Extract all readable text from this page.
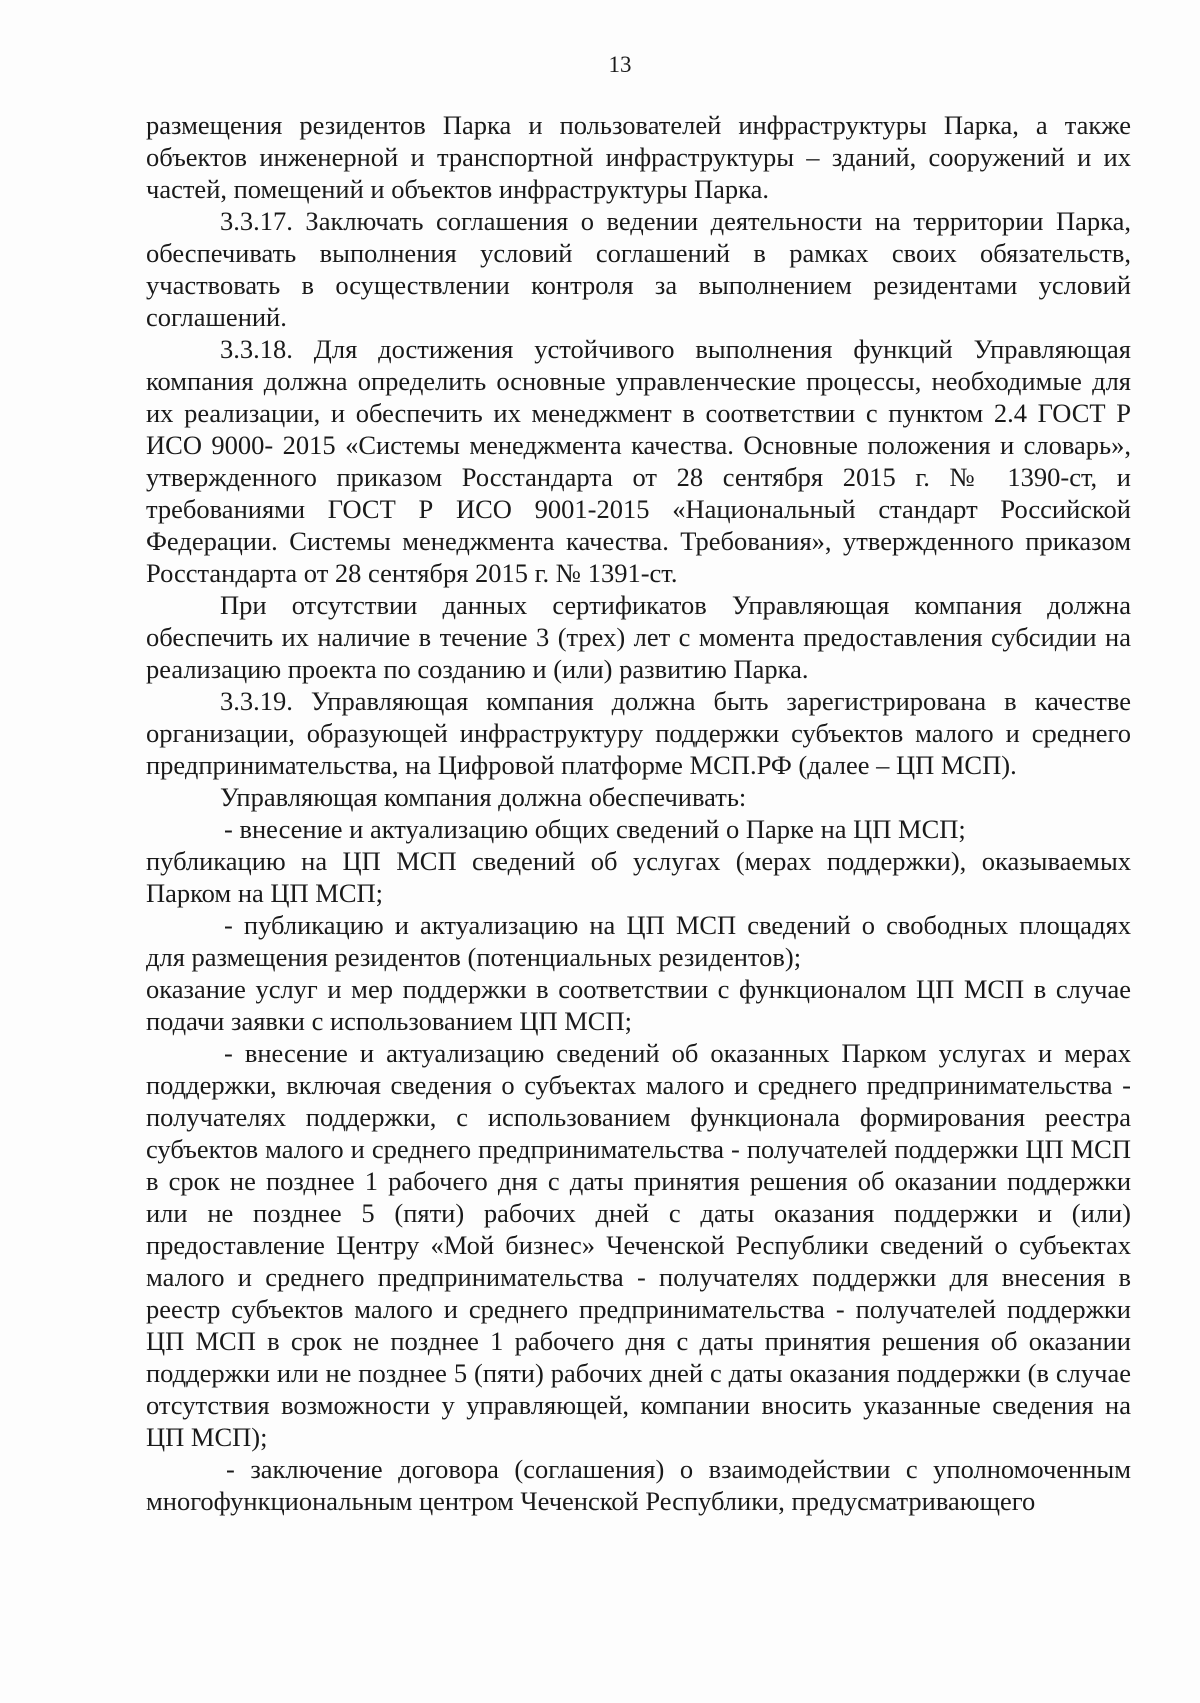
13

размещения резидентов Парка и пользователей инфраструктуры Парка, а также объектов инженерной и транспортной инфраструктуры – зданий, сооружений и их частей, помещений и объектов инфраструктуры Парка.

3.3.17. Заключать соглашения о ведении деятельности на территории Парка, обеспечивать выполнения условий соглашений в рамках своих обязательств, участвовать в осуществлении контроля за выполнением резидентами условий соглашений.

3.3.18. Для достижения устойчивого выполнения функций Управляющая компания должна определить основные управленческие процессы, необходимые для их реализации, и обеспечить их менеджмент в соответствии с пунктом 2.4 ГОСТ Р ИСО 9000- 2015 «Системы менеджмента качества. Основные положения и словарь», утвержденного приказом Росстандарта от 28 сентября 2015 г. № 1390-ст, и требованиями ГОСТ Р ИСО 9001-2015 «Национальный стандарт Российской Федерации. Системы менеджмента качества. Требования», утвержденного приказом Росстандарта от 28 сентября 2015 г. № 1391-ст.

При отсутствии данных сертификатов Управляющая компания должна обеспечить их наличие в течение 3 (трех) лет с момента предоставления субсидии на реализацию проекта по созданию и (или) развитию Парка.

3.3.19. Управляющая компания должна быть зарегистрирована в качестве организации, образующей инфраструктуру поддержки субъектов малого и среднего предпринимательства, на Цифровой платформе МСП.РФ (далее – ЦП МСП).

Управляющая компания должна обеспечивать:

- внесение и актуализацию общих сведений о Парке на ЦП МСП;

публикацию на ЦП МСП сведений об услугах (мерах поддержки), оказываемых Парком на ЦП МСП;

- публикацию и актуализацию на ЦП МСП сведений о свободных площадях для размещения резидентов (потенциальных резидентов);

оказание услуг и мер поддержки в соответствии с функционалом ЦП МСП в случае подачи заявки с использованием ЦП МСП;

- внесение и актуализацию сведений об оказанных Парком услугах и мерах поддержки, включая сведения о субъектах малого и среднего предпринимательства - получателях поддержки, с использованием функционала формирования реестра субъектов малого и среднего предпринимательства - получателей поддержки ЦП МСП в срок не позднее 1 рабочего дня с даты принятия решения об оказании поддержки или не позднее 5 (пяти) рабочих дней с даты оказания поддержки и (или) предоставление Центру «Мой бизнес» Чеченской Республики сведений о субъектах малого и среднего предпринимательства - получателях поддержки для внесения в реестр субъектов малого и среднего предпринимательства - получателей поддержки ЦП МСП в срок не позднее 1 рабочего дня с даты принятия решения об оказании поддержки или не позднее 5 (пяти) рабочих дней с даты оказания поддержки (в случае отсутствия возможности у управляющей, компании вносить указанные сведения на ЦП МСП);

- заключение договора (соглашения) о взаимодействии с уполномоченным многофункциональным центром Чеченской Республики, предусматривающего
